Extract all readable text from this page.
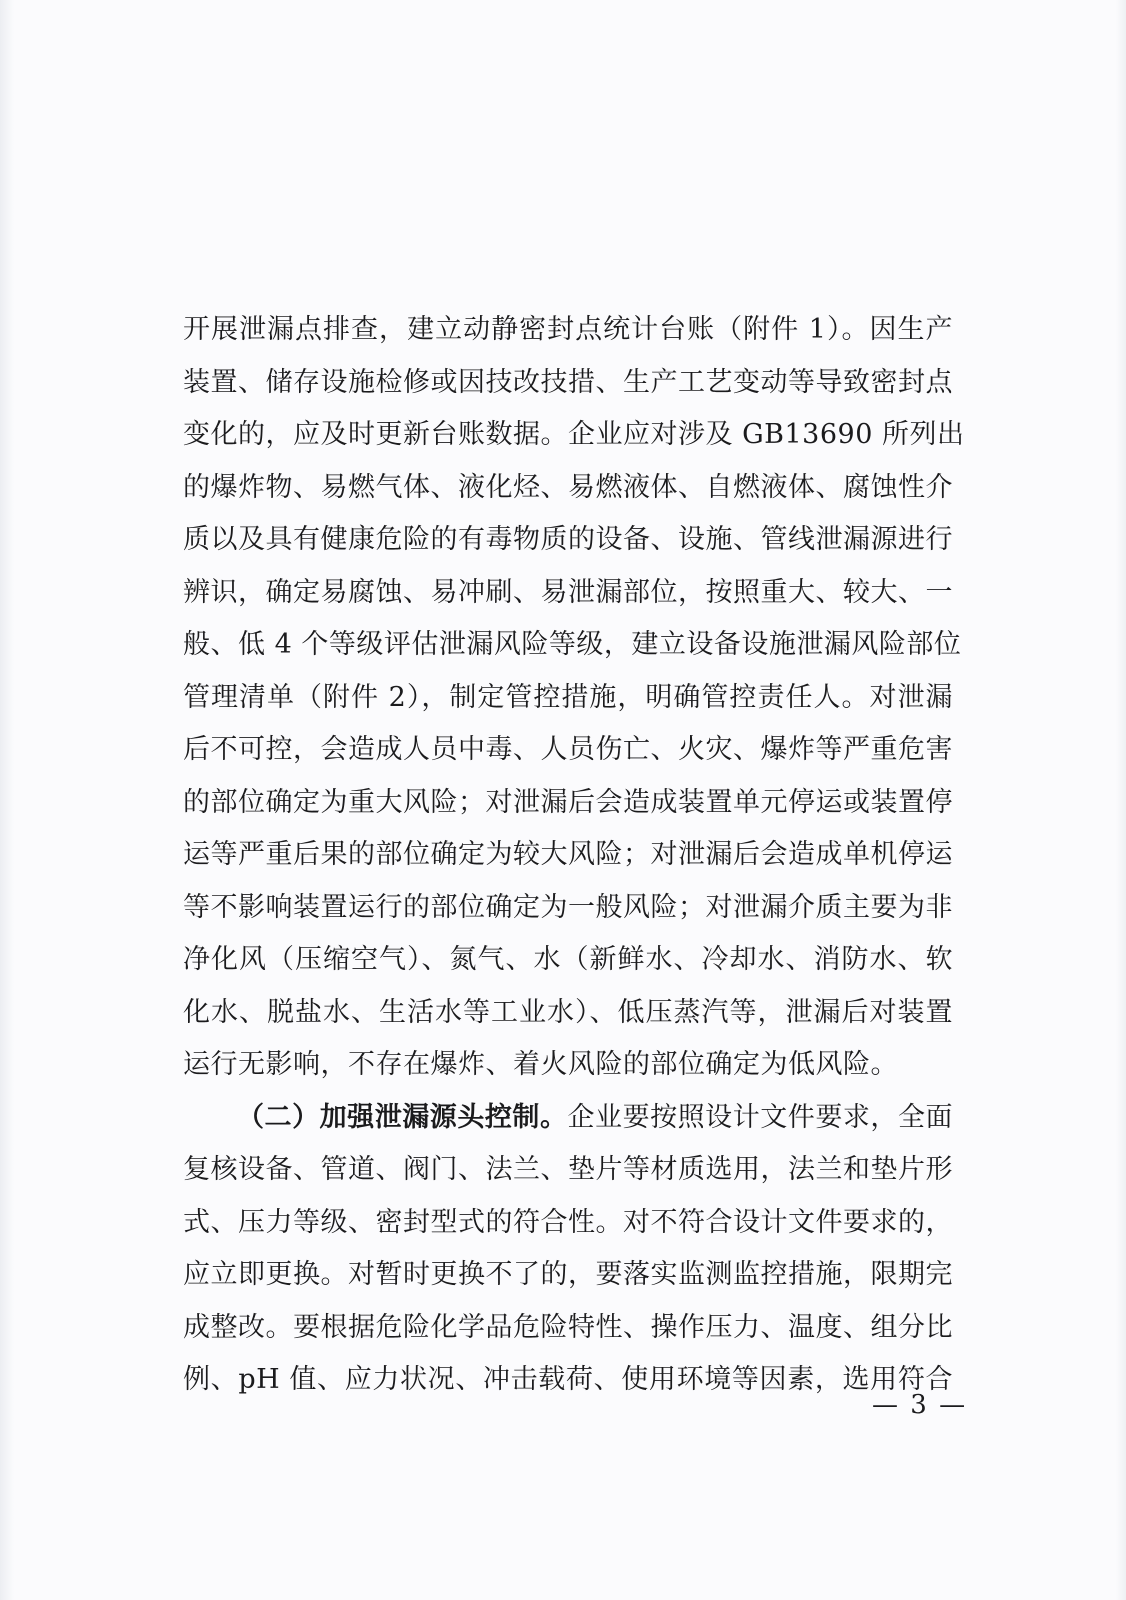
开展泄漏点排查，建立动静密封点统计台账（附件 1）。因生产
装置、储存设施检修或因技改技措、生产工艺变动等导致密封点
变化的，应及时更新台账数据。企业应对涉及 GB13690 所列出
的爆炸物、易燃气体、液化烃、易燃液体、自燃液体、腐蚀性介
质以及具有健康危险的有毒物质的设备、设施、管线泄漏源进行
辨识，确定易腐蚀、易冲刷、易泄漏部位，按照重大、较大、一
般、低 4 个等级评估泄漏风险等级，建立设备设施泄漏风险部位
管理清单（附件 2），制定管控措施，明确管控责任人。对泄漏
后不可控，会造成人员中毒、人员伤亡、火灾、爆炸等严重危害
的部位确定为重大风险；对泄漏后会造成装置单元停运或装置停
运等严重后果的部位确定为较大风险；对泄漏后会造成单机停运
等不影响装置运行的部位确定为一般风险；对泄漏介质主要为非
净化风（压缩空气）、氮气、水（新鲜水、冷却水、消防水、软
化水、脱盐水、生活水等工业水）、低压蒸汽等，泄漏后对装置
运行无影响，不存在爆炸、着火风险的部位确定为低风险。
（二）加强泄漏源头控制。企业要按照设计文件要求，全面
复核设备、管道、阀门、法兰、垫片等材质选用，法兰和垫片形
式、压力等级、密封型式的符合性。对不符合设计文件要求的，
应立即更换。对暂时更换不了的，要落实监测监控措施，限期完
成整改。要根据危险化学品危险特性、操作压力、温度、组分比
例、pH 值、应力状况、冲击载荷、使用环境等因素，选用符合
— 3 —
